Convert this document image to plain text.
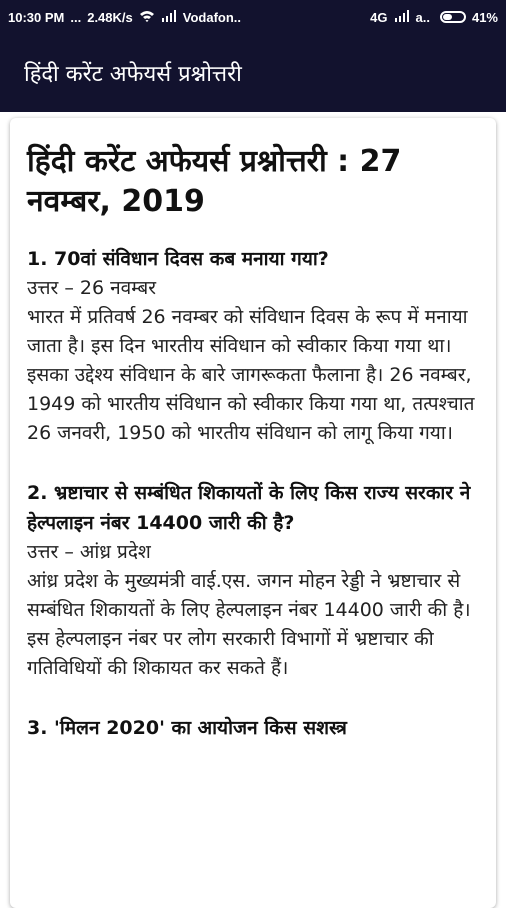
10:30 PM ... 2.48K/s	Vodafon..	4G a..	41%
हिंदी करेंट अफेयर्स प्रश्नोत्तरी
हिंदी करेंट अफेयर्स प्रश्नोत्तरी : 27 नवम्बर, 2019

1. 70वां संविधान दिवस कब मनाया गया?

उत्तर – 26 नवम्बर

भारत में प्रतिवर्ष 26 नवम्बर को संविधान दिवस के रूप में मनाया जाता है। इस दिन भारतीय संविधान को स्वीकार किया गया था। इसका उद्देश्य संविधान के बारे जागरूकता फैलाना है। 26 नवम्बर, 1949 को भारतीय संविधान को स्वीकार किया गया था, तत्पश्चात 26 जनवरी, 1950 को भारतीय संविधान को लागू किया गया।

2. भ्रष्टाचार से सम्बंधित शिकायतों के लिए किस राज्य सरकार ने हेल्पलाइन नंबर 14400 जारी की है?

उत्तर – आंध्र प्रदेश

आंध्र प्रदेश के मुख्यमंत्री वाई.एस. जगन मोहन रेड्डी ने भ्रष्टाचार से सम्बंधित शिकायतों के लिए हेल्पलाइन नंबर 14400 जारी की है। इस हेल्पलाइन नंबर पर लोग सरकारी विभागों में भ्रष्टाचार की गतिविधियों की शिकायत कर सकते हैं।

3. 'मिलन 2020' का आयोजन किस सशस्त्र
